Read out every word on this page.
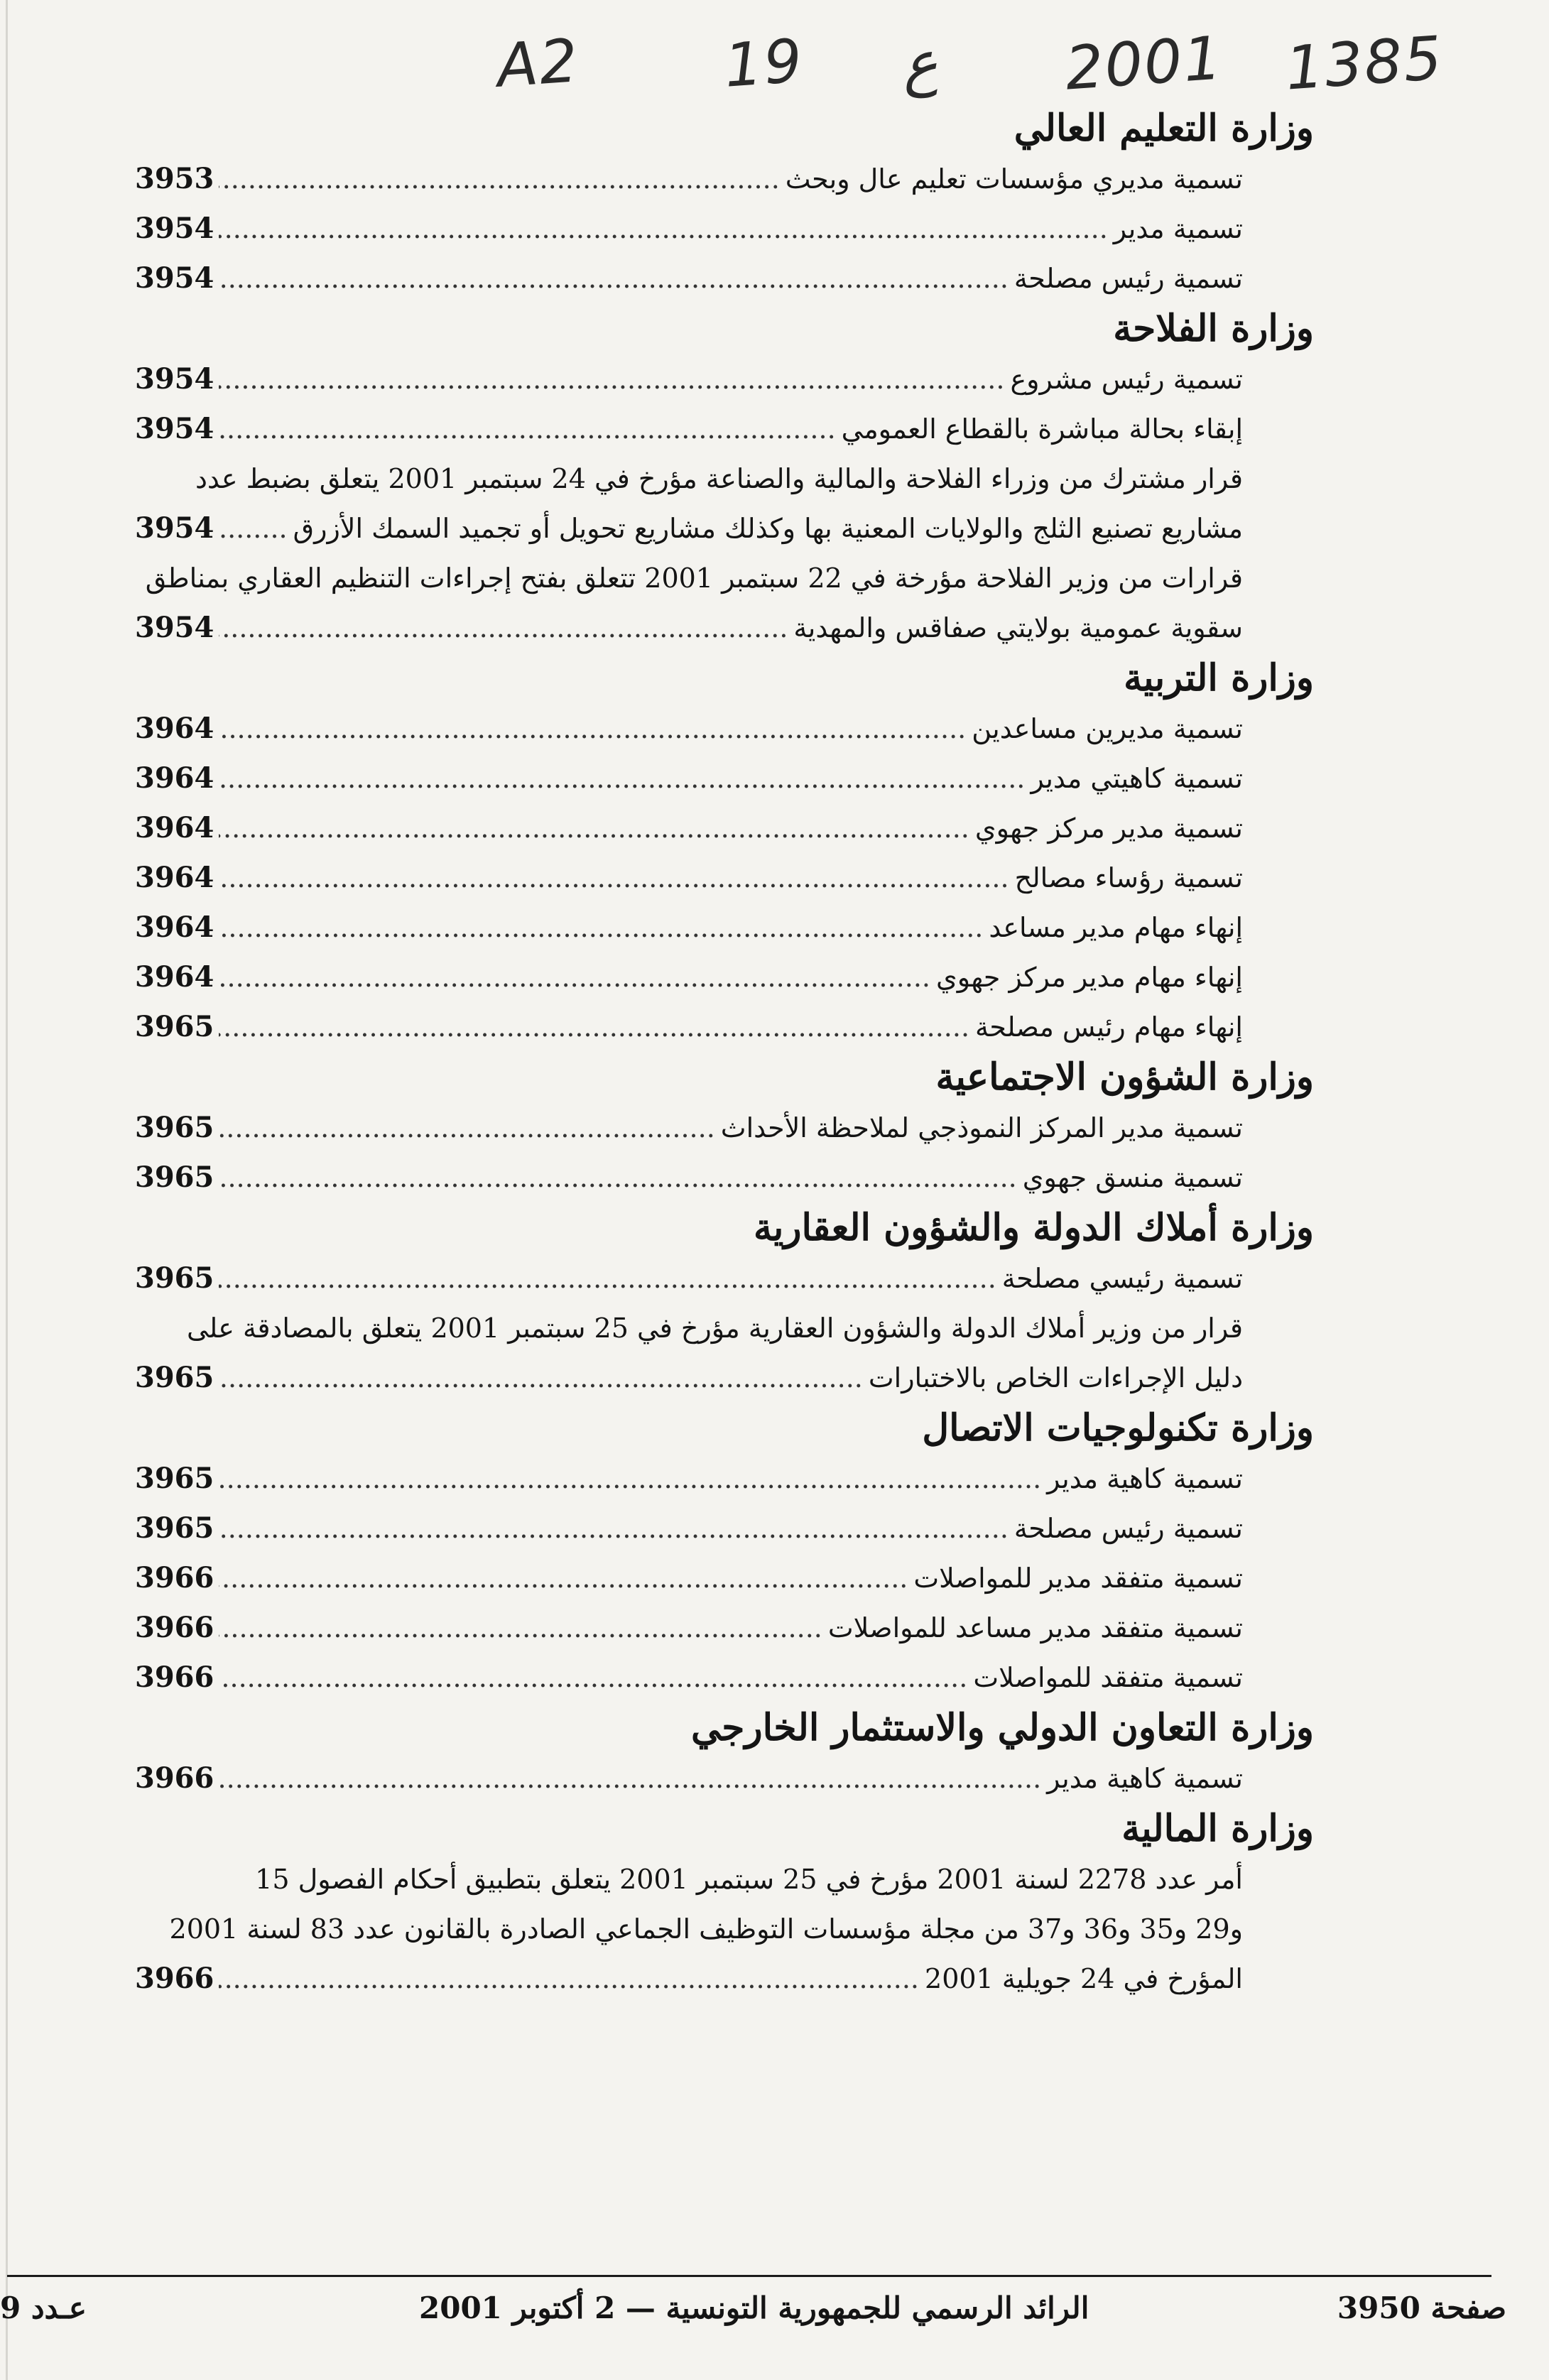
A2 19 ع 2001 1385
وزارة التعليم العالي
تسمية مديري مؤسسات تعليم عال وبحث
.....
3953
تسمية مدير
.....
3954
تسمية رئيس مصلحة
.....
3954
وزارة الفلاحة
تسمية رئيس مشروع
.....
3954
إبقاء بحالة مباشرة بالقطاع العمومي
.....
3954
قرار مشترك من وزراء الفلاحة والمالية والصناعة مؤرخ في 24 سبتمبر 2001 يتعلق بضبط عدد
مشاريع تصنيع الثلج والولايات المعنية بها وكذلك مشاريع تحويل أو تجميد السمك الأزرق
.....
3954
قرارات من وزير الفلاحة مؤرخة في 22 سبتمبر 2001 تتعلق بفتح إجراءات التنظيم العقاري بمناطق
سقوية عمومية بولايتي صفاقس والمهدية
.....
3954
وزارة التربية
تسمية مديرين مساعدين
.....
3964
تسمية كاهيتي مدير
.....
3964
تسمية مدير مركز جهوي
.....
3964
تسمية رؤساء مصالح
.....
3964
إنهاء مهام مدير مساعد
.....
3964
إنهاء مهام مدير مركز جهوي
.....
3964
إنهاء مهام رئيس مصلحة
.....
3965
وزارة الشؤون الاجتماعية
تسمية مدير المركز النموذجي لملاحظة الأحداث
.....
3965
تسمية منسق جهوي
.....
3965
وزارة أملاك الدولة والشؤون العقارية
تسمية رئيسي مصلحة
.....
3965
قرار من وزير أملاك الدولة والشؤون العقارية مؤرخ في 25 سبتمبر 2001 يتعلق بالمصادقة على
دليل الإجراءات الخاص بالاختبارات
.....
3965
وزارة تكنولوجيات الاتصال
تسمية كاهية مدير
.....
3965
تسمية رئيس مصلحة
.....
3965
تسمية متفقد مدير للمواصلات
.....
3966
تسمية متفقد مدير مساعد للمواصلات
.....
3966
تسمية متفقد للمواصلات
.....
3966
وزارة التعاون الدولي والاستثمار الخارجي
تسمية كاهية مدير
.....
3966
وزارة المالية
أمر عدد 2278 لسنة 2001 مؤرخ في 25 سبتمبر 2001 يتعلق بتطبيق أحكام الفصول 15
و29 و35 و36 و37 من مجلة مؤسسات التوظيف الجماعي الصادرة بالقانون عدد 83 لسنة 2001
المؤرخ في 24 جويلية 2001
.....
3966
عـدد 9	الرائد الرسمي للجمهورية التونسية — 2 أكتوبر 2001	صفحة 3950
